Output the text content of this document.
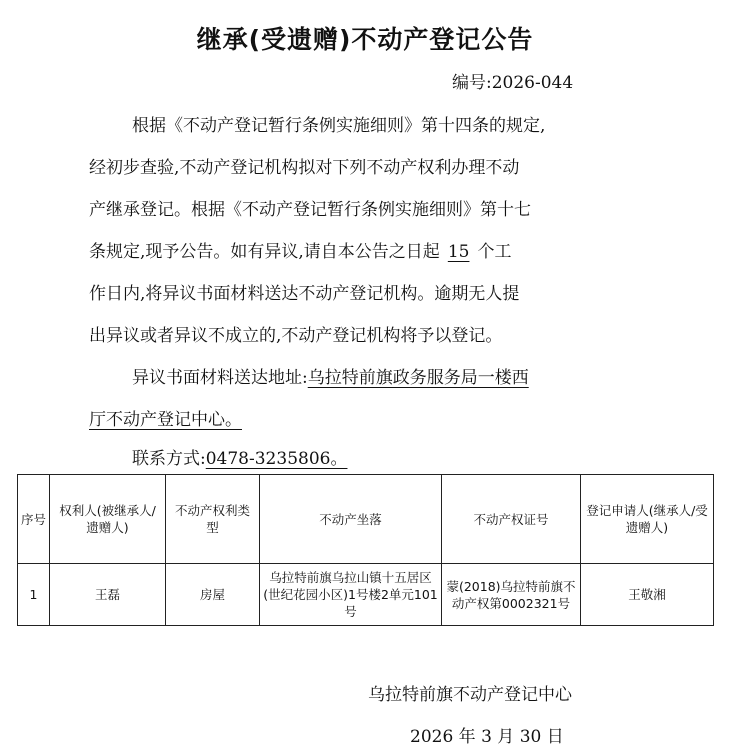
继承(受遗赠)不动产登记公告
编号:2026-044
根据《不动产登记暂行条例实施细则》第十四条的规定,
经初步查验,不动产登记机构拟对下列不动产权利办理不动
产继承登记。根据《不动产登记暂行条例实施细则》第十七
条规定,现予公告。如有异议,请自本公告之日起 15 个工
作日内,将异议书面材料送达不动产登记机构。逾期无人提
出异议或者异议不成立的,不动产登记机构将予以登记。
异议书面材料送达地址:乌拉特前旗政务服务局一楼西
厅不动产登记中心。
联系方式:0478-3235806。
序号	权利人(被继承人/遗赠人)	不动产权利类型	不动产坐落	不动产权证号	登记申请人(继承人/受遗赠人)
1	王磊	房屋	乌拉特前旗乌拉山镇十五居区(世纪花园小区)1号楼2单元101号	蒙(2018)乌拉特前旗不动产权第0002321号	王敬湘
乌拉特前旗不动产登记中心
2026 年 3 月 30 日
